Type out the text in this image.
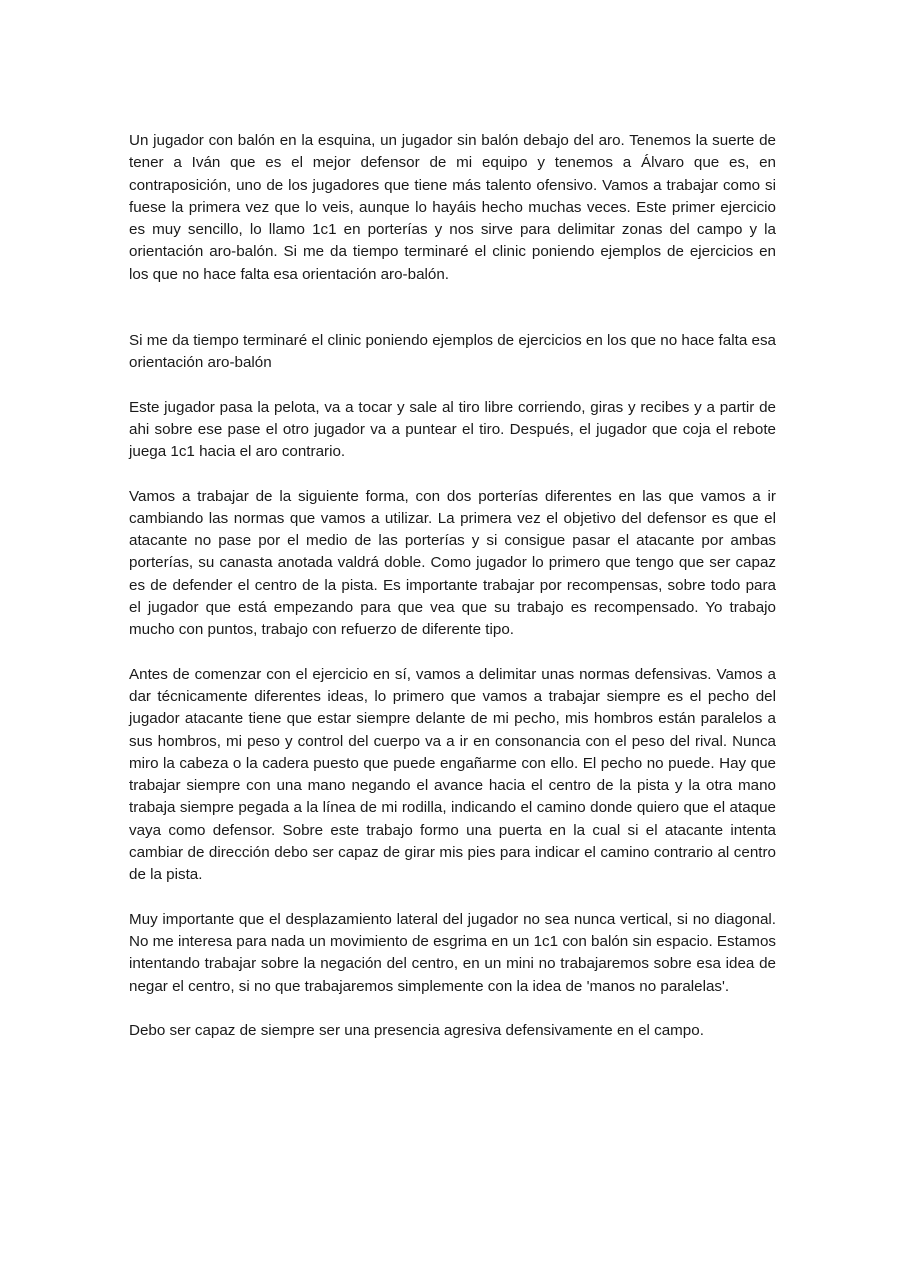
Un jugador con balón en la esquina, un jugador sin balón debajo del aro. Tenemos la suerte de tener a Iván que es el mejor defensor de mi equipo y tenemos a Álvaro que es, en contraposición, uno de los jugadores que tiene más talento ofensivo. Vamos a trabajar como si fuese la primera vez que lo veis, aunque lo hayáis hecho muchas veces. Este primer ejercicio es muy sencillo, lo llamo 1c1 en porterías y nos sirve para delimitar zonas del campo y la orientación aro-balón. Si me da tiempo terminaré el clinic poniendo ejemplos de ejercicios en los que no hace falta esa orientación aro-balón.

Si me da tiempo terminaré el clinic poniendo ejemplos de ejercicios en los que no hace falta esa orientación aro-balón

Este jugador pasa la pelota, va a tocar y sale al tiro libre corriendo, giras y recibes y a partir de ahi sobre ese pase el otro jugador va a puntear el tiro. Después, el jugador que coja el rebote juega 1c1 hacia el aro contrario.

Vamos a trabajar de la siguiente forma, con dos porterías diferentes en las que vamos a ir cambiando las normas que vamos a utilizar. La primera vez el objetivo del defensor es que el atacante no pase por el medio de las porterías y si consigue pasar el atacante por ambas porterías, su canasta anotada valdrá doble. Como jugador lo primero que tengo que ser capaz es de defender el centro de la pista. Es importante trabajar por recompensas, sobre todo para el jugador que está empezando para que vea que su trabajo es recompensado. Yo trabajo mucho con puntos, trabajo con refuerzo de diferente tipo.

Antes de comenzar con el ejercicio en sí, vamos a delimitar unas normas defensivas. Vamos a dar técnicamente diferentes ideas, lo primero que vamos a trabajar siempre es el pecho del jugador atacante tiene que estar siempre delante de mi pecho, mis hombros están paralelos a sus hombros, mi peso y control del cuerpo va a ir en consonancia con el peso del rival. Nunca miro la cabeza o la cadera puesto que puede engañarme con ello. El pecho no puede. Hay que trabajar siempre con una mano negando el avance hacia el centro de la pista y la otra mano trabaja siempre pegada a la línea de mi rodilla, indicando el camino donde quiero que el ataque vaya como defensor. Sobre este trabajo formo una puerta en la cual si el atacante intenta cambiar de dirección debo ser capaz de girar mis pies para indicar el camino contrario al centro de la pista.

Muy importante que el desplazamiento lateral del jugador no sea nunca vertical, si no diagonal. No me interesa para nada un movimiento de esgrima en un 1c1 con balón sin espacio. Estamos intentando trabajar sobre la negación del centro, en un mini no trabajaremos sobre esa idea de negar el centro, si no que trabajaremos simplemente con la idea de 'manos no paralelas'.

Debo ser capaz de siempre ser una presencia agresiva defensivamente en el campo.
